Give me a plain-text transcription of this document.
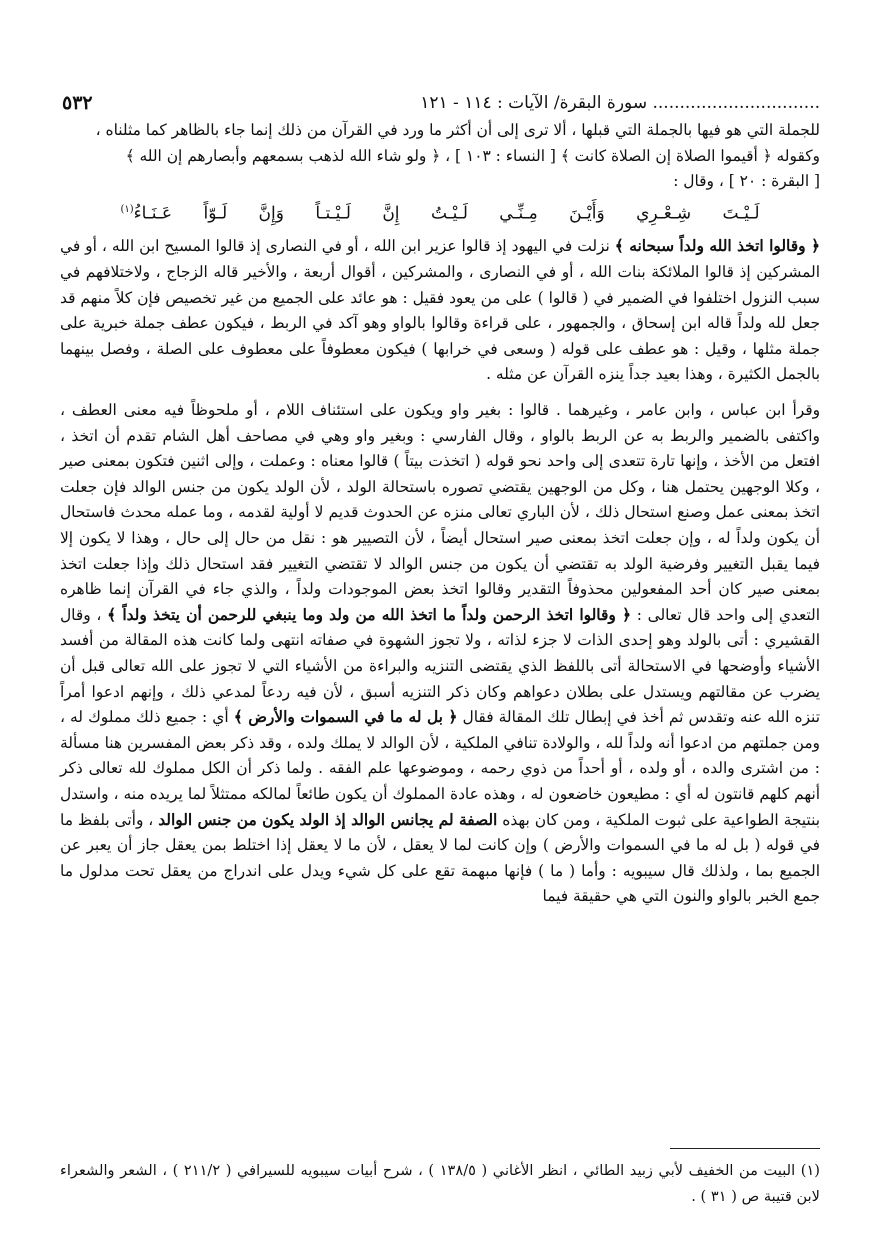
٥٣٢	سورة البقرة/ الآيات : ١١٤ - ١٢١ ...............................

للجملة التي هو فيها بالجملة التي قبلها ، ألا ترى إلى أن أكثر ما ورد في القرآن من ذلك إنما جاء بالظاهر كما مثلناه ،

وكقوله ﴿ أقيموا الصلاة إن الصلاة كانت ﴾ [ النساء : ١٠٣ ] ، ﴿ ولو شاء الله لذهب بسمعهم وأبصارهم إن الله ﴾

[ البقرة : ٢٠ ] ، وقال :

لَـيْـتَ شِـعْـرِي وَأَيْـنَ مِـنِّـي لَـيْـتُ إِنَّ لَـيْـتـاً وَإِنَّ لَـوّاً عَـنَـاءُ$^{(١)}$

﴿ وقالوا اتخذ الله ولداً سبحانه ﴾ نزلت في اليهود إذ قالوا عزير ابن الله ، أو في النصارى إذ قالوا المسيح ابن الله ، أو في المشركين إذ قالوا الملائكة بنات الله ، أو في النصارى ، والمشركين ، أقوال أربعة ، والأخير قاله الزجاج ، ولاختلافهم في سبب النزول اختلفوا في الضمير في ( قالوا ) على من يعود فقيل : هو عائد على الجميع من غير تخصيص فإن كلاً منهم قد جعل لله ولداً قاله ابن إسحاق ، والجمهور ، على قراءة وقالوا بالواو وهو آكد في الربط ، فيكون عطف جملة خبرية على جملة مثلها ، وقيل : هو عطف على قوله ( وسعى في خرابها ) فيكون معطوفاً على معطوف على الصلة ، وفصل بينهما بالجمل الكثيرة ، وهذا بعيد جداً ينزه القرآن عن مثله .

وقرأ ابن عباس ، وابن عامر ، وغيرهما . قالوا : بغير واو ويكون على استئناف اللام ، أو ملحوظاً فيه معنى العطف ، واكتفى بالضمير والربط به عن الربط بالواو ، وقال الفارسي : وبغير واو وهي في مصاحف أهل الشام تقدم أن اتخذ ، افتعل من الأخذ ، وإنها تارة تتعدى إلى واحد نحو قوله ( اتخذت بيتاً ) قالوا معناه : وعملت ، وإلى اثنين فتكون بمعنى صير ، وكلا الوجهين يحتمل هنا ، وكل من الوجهين يقتضي تصوره باستحالة الولد ، لأن الولد يكون من جنس الوالد فإن جعلت اتخذ بمعنى عمل وصنع استحال ذلك ، لأن الباري تعالى منزه عن الحدوث قديم لا أولية لقدمه ، وما عمله محدث فاستحال أن يكون ولداً له ، وإن جعلت اتخذ بمعنى صير استحال أيضاً ، لأن التصيير هو : نقل من حال إلى حال ، وهذا لا يكون إلا فيما يقبل التغيير وفرضية الولد به تقتضي أن يكون من جنس الوالد لا تقتضي التغيير فقد استحال ذلك وإذا جعلت اتخذ بمعنى صير كان أحد المفعولين محذوفاً التقدير وقالوا اتخذ بعض الموجودات ولداً ، والذي جاء في القرآن إنما ظاهره التعدي إلى واحد قال تعالى : ﴿ وقالوا اتخذ الرحمن ولداً ما اتخذ الله من ولد وما ينبغي للرحمن أن يتخذ ولداً ﴾ ، وقال القشيري : أتى بالولد وهو إحدى الذات لا جزء لذاته ، ولا تجوز الشهوة في صفاته انتهى ولما كانت هذه المقالة من أفسد الأشياء وأوضحها في الاستحالة أتى باللفظ الذي يقتضى التنزيه والبراءة من الأشياء التي لا تجوز على الله تعالى قبل أن يضرب عن مقالتهم ويستدل على بطلان دعواهم وكان ذكر التنزيه أسبق ، لأن فيه ردعاً لمدعي ذلك ، وإنهم ادعوا أمراً تنزه الله عنه وتقدس ثم أخذ في إبطال تلك المقالة فقال ﴿ بل له ما في السموات والأرض ﴾ أي : جميع ذلك مملوك له ، ومن جملتهم من ادعوا أنه ولداً لله ، والولادة تنافي الملكية ، لأن الوالد لا يملك ولده ، وقد ذكر بعض المفسرين هنا مسألة : من اشترى والده ، أو ولده ، أو أحداً من ذوي رحمه ، وموضوعها علم الفقه . ولما ذكر أن الكل مملوك لله تعالى ذكر أنهم كلهم قانتون له أي : مطيعون خاضعون له ، وهذه عادة المملوك أن يكون طائعاً لمالكه ممتثلاً لما يريده منه ، واستدل بنتيجة الطواعية على ثبوت الملكية ، ومن كان بهذه الصفة لم يجانس الوالد إذ الولد يكون من جنس الوالد ، وأتى بلفظ ما في قوله ( بل له ما في السموات والأرض ) وإن كانت لما لا يعقل ، لأن ما لا يعقل إذا اختلط بمن يعقل جاز أن يعبر عن الجميع بما ، ولذلك قال سيبويه : وأما ( ما ) فإنها مبهمة تقع على كل شيء ويدل على اندراج من يعقل تحت مدلول ما جمع الخبر بالواو والنون التي هي حقيقة فيما

(١) البيت من الخفيف لأبي زبيد الطائي ، انظر الأغاني ( ١٣٨/٥ ) ، شرح أبيات سيبويه للسيرافي ( ٢١١/٢ ) ، الشعر والشعراء لابن قتيبة ص ( ٣١ ) .
